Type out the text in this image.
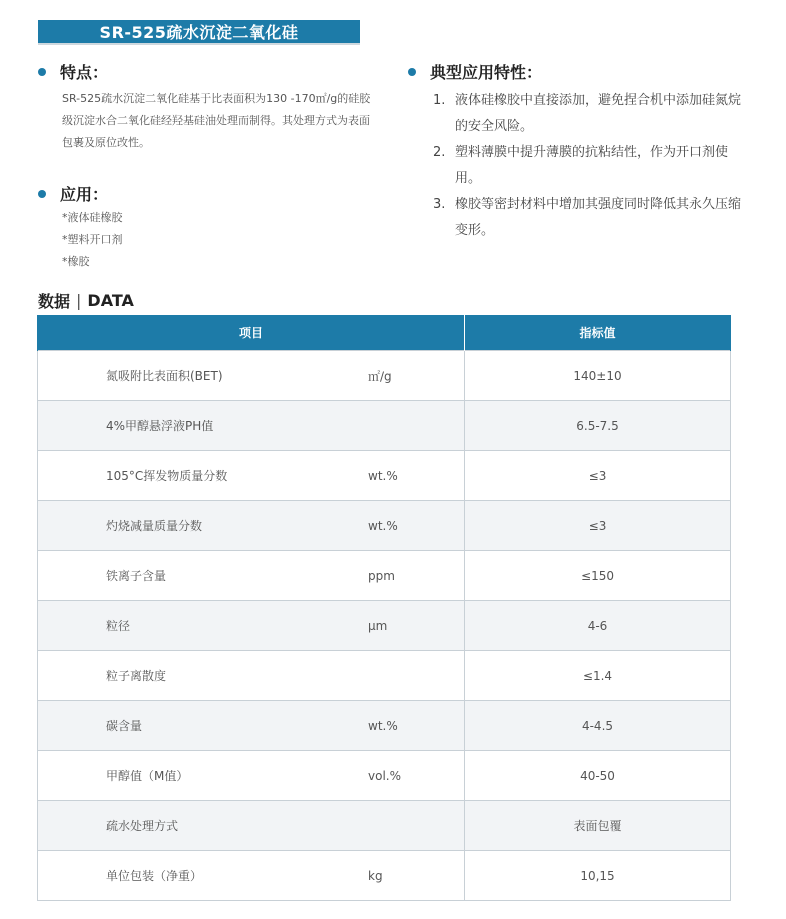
SR-525疏水沉淀二氧化硅
特点：
SR-525疏水沉淀二氧化硅基于比表面积为130 -170㎡/g的硅胶级沉淀水合二氧化硅经羟基硅油处理而制得。其处理方式为表面包裹及原位改性。
应用：
*液体硅橡胶
*塑料开口剂
*橡胶
典型应用特性：
1. 液体硅橡胶中直接添加，避免捏合机中添加硅氮烷的安全风险。
2. 塑料薄膜中提升薄膜的抗粘结性，作为开口剂使用。
3. 橡胶等密封材料中增加其强度同时降低其永久压缩变形。
数据 | DATA
项目	指标值
氮吸附比表面积(BET) ㎡/g	140±10
4%甲醇悬浮液PH值	6.5-7.5
105°C挥发物质量分数 wt.%	≤3
灼烧减量质量分数 wt.%	≤3
铁离子含量 ppm	≤150
粒径 μm	4-6
粒子离散度	≤1.4
碳含量 wt.%	4-4.5
甲醇值（M值） vol.%	40-50
疏水处理方式	表面包覆
单位包装（净重） kg	10,15
